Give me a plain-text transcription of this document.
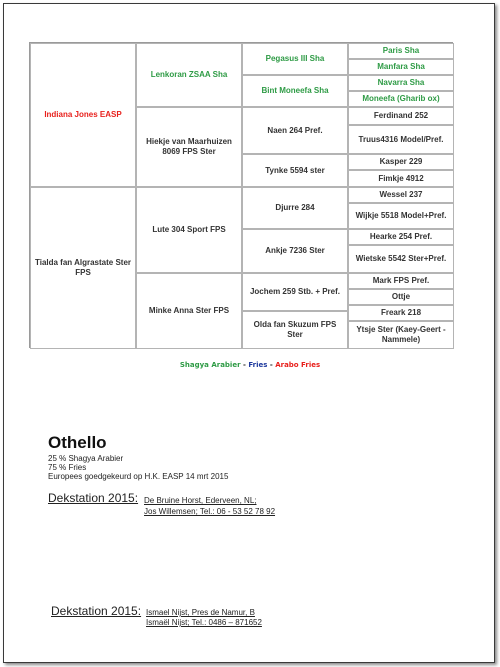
Indiana Jones EASP
Tialda fan Algrastate Ster FPS
Lenkoran ZSAA Sha
Hiekje van Maarhuizen 8069 FPS Ster
Lute 304 Sport FPS
Minke Anna Ster FPS
Pegasus III Sha
Bint Moneefa Sha
Naen 264 Pref.
Tynke 5594 ster
Djurre 284
Ankje 7236 Ster
Jochem 259 Stb. + Pref.
Olda fan Skuzum FPS Ster
Paris Sha
Manfara Sha
Navarra Sha
Moneefa (Gharib ox)
Ferdinand 252
Truus4316 Model/Pref.
Kasper 229
Fimkje 4912
Wessel 237
Wijkje 5518 Model+Pref.
Hearke 254 Pref.
Wietske 5542 Ster+Pref.
Mark FPS Pref.
Ottje
Freark 218
Ytsje Ster (Kaey-Geert - Nammele)
Shagya Arabier - Fries - Arabo Fries
Othello
25 % Shagya Arabier
75 % Fries
Europees goedgekeurd op H.K. EASP 14 mrt 2015
Dekstation 2015: De Bruine Horst, Ederveen, NL;
Jos Willemsen; Tel.: 06 - 53 52 78 92
Dekstation 2015: Ismael Nijst, Pres de Namur, B
Ismaël Nijst; Tel.: 0486 – 871652
